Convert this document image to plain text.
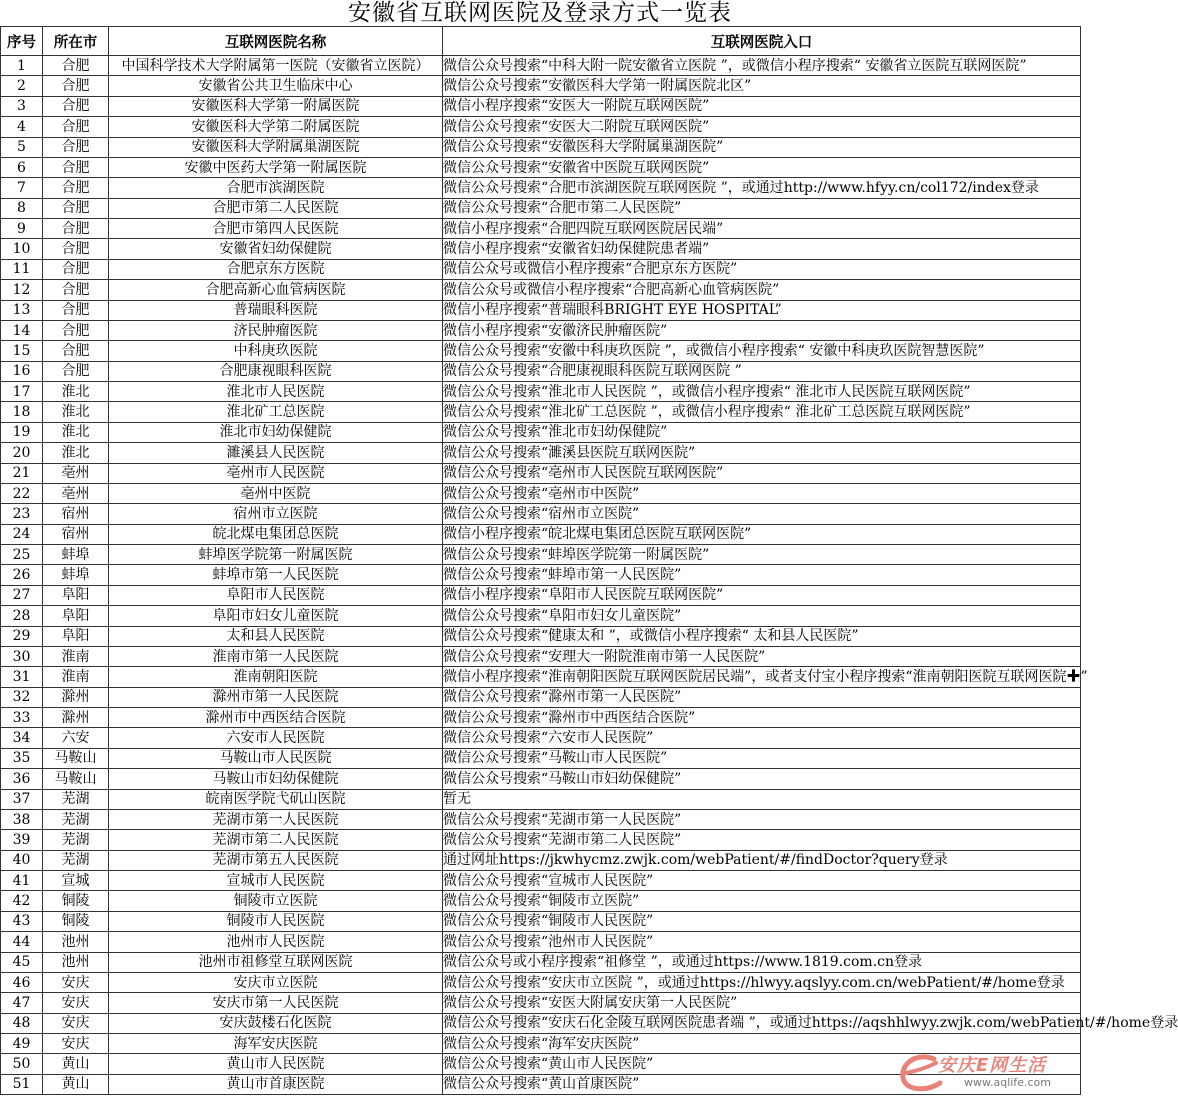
安徽省互联网医院及登录方式一览表
序号	所在市	互联网医院名称	互联网医院入口
1	合肥	中国科学技术大学附属第一医院（安徽省立医院）	微信公众号搜索“中科大附一院安徽省立医院 ”，或微信小程序搜索“ 安徽省立医院互联网医院”
2	合肥	安徽省公共卫生临床中心	微信公众号搜索“安徽医科大学第一附属医院北区”
3	合肥	安徽医科大学第一附属医院	微信小程序搜索“安医大一附院互联网医院”
4	合肥	安徽医科大学第二附属医院	微信公众号搜索“安医大二附院互联网医院”
5	合肥	安徽医科大学附属巢湖医院	微信公众号搜索“安徽医科大学附属巢湖医院”
6	合肥	安徽中医药大学第一附属医院	微信公众号搜索“安徽省中医院互联网医院”
7	合肥	合肥市滨湖医院	微信公众号搜索“合肥市滨湖医院互联网医院 ”，或通过http://www.hfyy.cn/col172/index登录
8	合肥	合肥市第二人民医院	微信公众号搜索“合肥市第二人民医院”
9	合肥	合肥市第四人民医院	微信小程序搜索“合肥四院互联网医院居民端”
10	合肥	安徽省妇幼保健院	微信小程序搜索“安徽省妇幼保健院患者端”
11	合肥	合肥京东方医院	微信公众号或微信小程序搜索“合肥京东方医院”
12	合肥	合肥高新心血管病医院	微信公众号或微信小程序搜索“合肥高新心血管病医院”
13	合肥	普瑞眼科医院	微信小程序搜索“普瑞眼科BRIGHT EYE HOSPITAL”
14	合肥	济民肿瘤医院	微信小程序搜索“安徽济民肿瘤医院”
15	合肥	中科庚玖医院	微信公众号搜索“安徽中科庚玖医院 ”，或微信小程序搜索“ 安徽中科庚玖医院智慧医院”
16	合肥	合肥康视眼科医院	微信公众号搜索“合肥康视眼科医院互联网医院 ”
17	淮北	淮北市人民医院	微信公众号搜索“淮北市人民医院 ”，或微信小程序搜索“ 淮北市人民医院互联网医院”
18	淮北	淮北矿工总医院	微信公众号搜索“淮北矿工总医院 ”，或微信小程序搜索“ 淮北矿工总医院互联网医院”
19	淮北	淮北市妇幼保健院	微信公众号搜索“淮北市妇幼保健院”
20	淮北	濉溪县人民医院	微信公众号搜索“濉溪县医院互联网医院”
21	亳州	亳州市人民医院	微信公众号搜索“亳州市人民医院互联网医院”
22	亳州	亳州中医院	微信公众号搜索“亳州市中医院”
23	宿州	宿州市立医院	微信公众号搜索“宿州市立医院”
24	宿州	皖北煤电集团总医院	微信小程序搜索“皖北煤电集团总医院互联网医院”
25	蚌埠	蚌埠医学院第一附属医院	微信公众号搜索“蚌埠医学院第一附属医院”
26	蚌埠	蚌埠市第一人民医院	微信公众号搜索“蚌埠市第一人民医院”
27	阜阳	阜阳市人民医院	微信小程序搜索“阜阳市人民医院互联网医院”
28	阜阳	阜阳市妇女儿童医院	微信公众号搜索“阜阳市妇女儿童医院”
29	阜阳	太和县人民医院	微信公众号搜索“健康太和 ”，或微信小程序搜索“ 太和县人民医院”
30	淮南	淮南市第一人民医院	微信公众号搜索“安理大一附院淮南市第一人民医院”
31	淮南	淮南朝阳医院	微信小程序搜索“淮南朝阳医院互联网医院居民端”，或者支付宝小程序搜索“淮南朝阳医院互联网医院✚”
32	滁州	滁州市第一人民医院	微信公众号搜索“滁州市第一人民医院”
33	滁州	滁州市中西医结合医院	微信公众号搜索“滁州市中西医结合医院”
34	六安	六安市人民医院	微信公众号搜索“六安市人民医院”
35	马鞍山	马鞍山市人民医院	微信公众号搜索“马鞍山市人民医院”
36	马鞍山	马鞍山市妇幼保健院	微信公众号搜索“马鞍山市妇幼保健院”
37	芜湖	皖南医学院弋矶山医院	暂无
38	芜湖	芜湖市第一人民医院	微信公众号搜索“芜湖市第一人民医院”
39	芜湖	芜湖市第二人民医院	微信公众号搜索“芜湖市第二人民医院”
40	芜湖	芜湖市第五人民医院	通过网址https://jkwhycmz.zwjk.com/webPatient/#/findDoctor?query登录
41	宣城	宣城市人民医院	微信公众号搜索“宣城市人民医院”
42	铜陵	铜陵市立医院	微信公众号搜索“铜陵市立医院”
43	铜陵	铜陵市人民医院	微信公众号搜索“铜陵市人民医院”
44	池州	池州市人民医院	微信公众号搜索“池州市人民医院”
45	池州	池州市祖修堂互联网医院	微信公众号或小程序搜索“祖修堂 ”，或通过https://www.1819.com.cn登录
46	安庆	安庆市立医院	微信公众号搜索“安庆市立医院 ”，或通过https://hlwyy.aqslyy.com.cn/webPatient/#/home登录
47	安庆	安庆市第一人民医院	微信公众号搜索“安医大附属安庆第一人民医院”
48	安庆	安庆鼓楼石化医院	微信公众号搜索“安庆石化金陵互联网医院患者端 ”，或通过https://aqshhlwyy.zwjk.com/webPatient/#/home登录
49	安庆	海军安庆医院	微信公众号搜索“海军安庆医院”
50	黄山	黄山市人民医院	微信公众号搜索“黄山市人民医院”
51	黄山	黄山市首康医院	微信公众号搜索“黄山首康医院”
安庆E网生活
www.aqlife.com
